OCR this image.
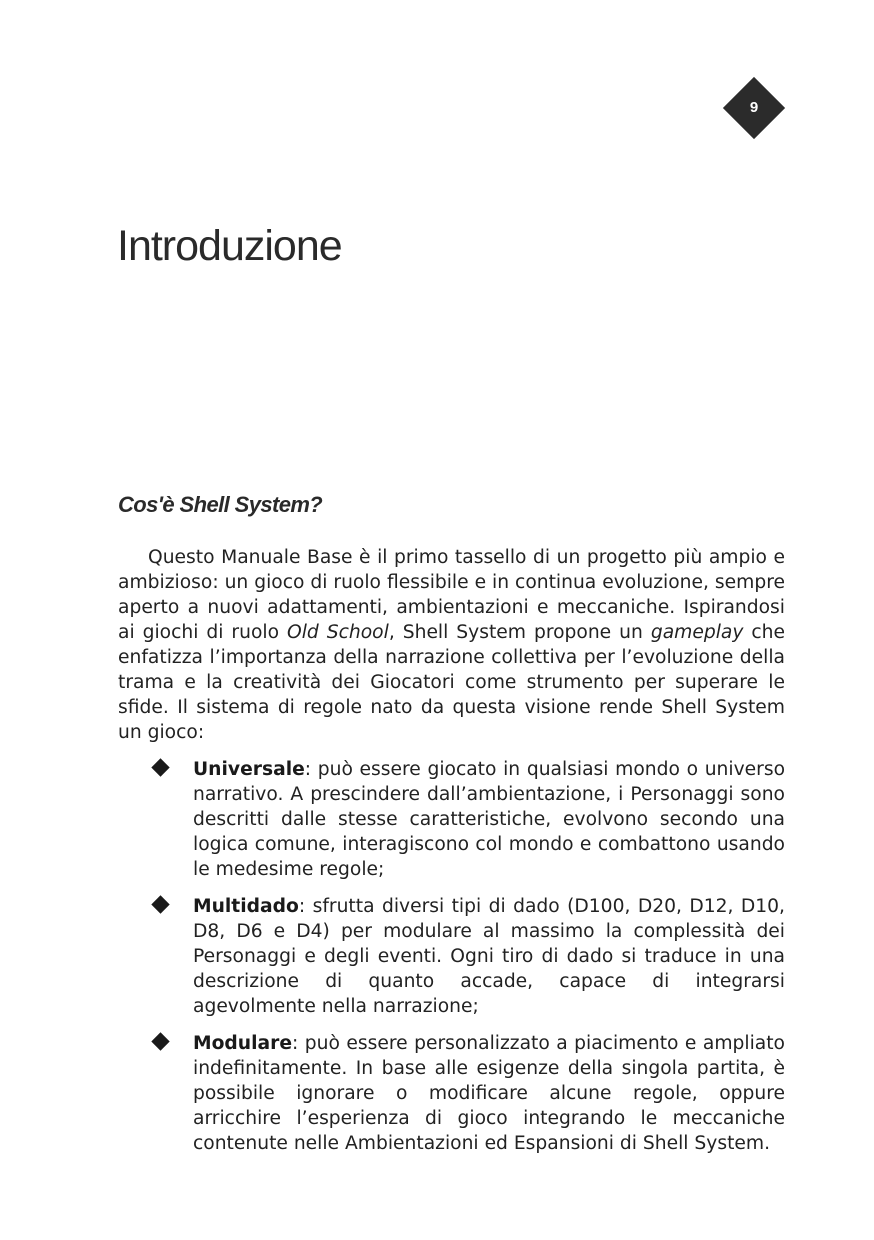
9
Introduzione
Cos'è Shell System?

Questo Manuale Base è il primo tassello di un progetto più ampio e ambizioso: un gioco di ruolo flessibile e in continua evoluzione, sempre aperto a nuovi adattamenti, ambientazioni e meccaniche. Ispirandosi ai giochi di ruolo Old School, Shell System propone un gameplay che enfatizza l’importanza della narrazione collettiva per l’evoluzione della trama e la creatività dei Giocatori come strumento per superare le sfide. Il sistema di regole nato da questa visione rende Shell System un gioco:

Universale: può essere giocato in qualsiasi mondo o universo narrativo. A prescindere dall’ambientazione, i Personaggi sono descritti dalle stesse caratteristiche, evolvono secondo una logica comune, interagiscono col mondo e combattono usando le medesime regole;
Multidado: sfrutta diversi tipi di dado (D100, D20, D12, D10, D8, D6 e D4) per modulare al massimo la complessità dei Personaggi e degli eventi. Ogni tiro di dado si traduce in una descrizione di quanto accade, capace di integrarsi agevolmente nella narrazione;
Modulare: può essere personalizzato a piacimento e ampliato indefinitamente. In base alle esigenze della singola partita, è possibile ignorare o modificare alcune regole, oppure arricchire l’esperienza di gioco integrando le meccaniche contenute nelle Ambientazioni ed Espansioni di Shell System.
